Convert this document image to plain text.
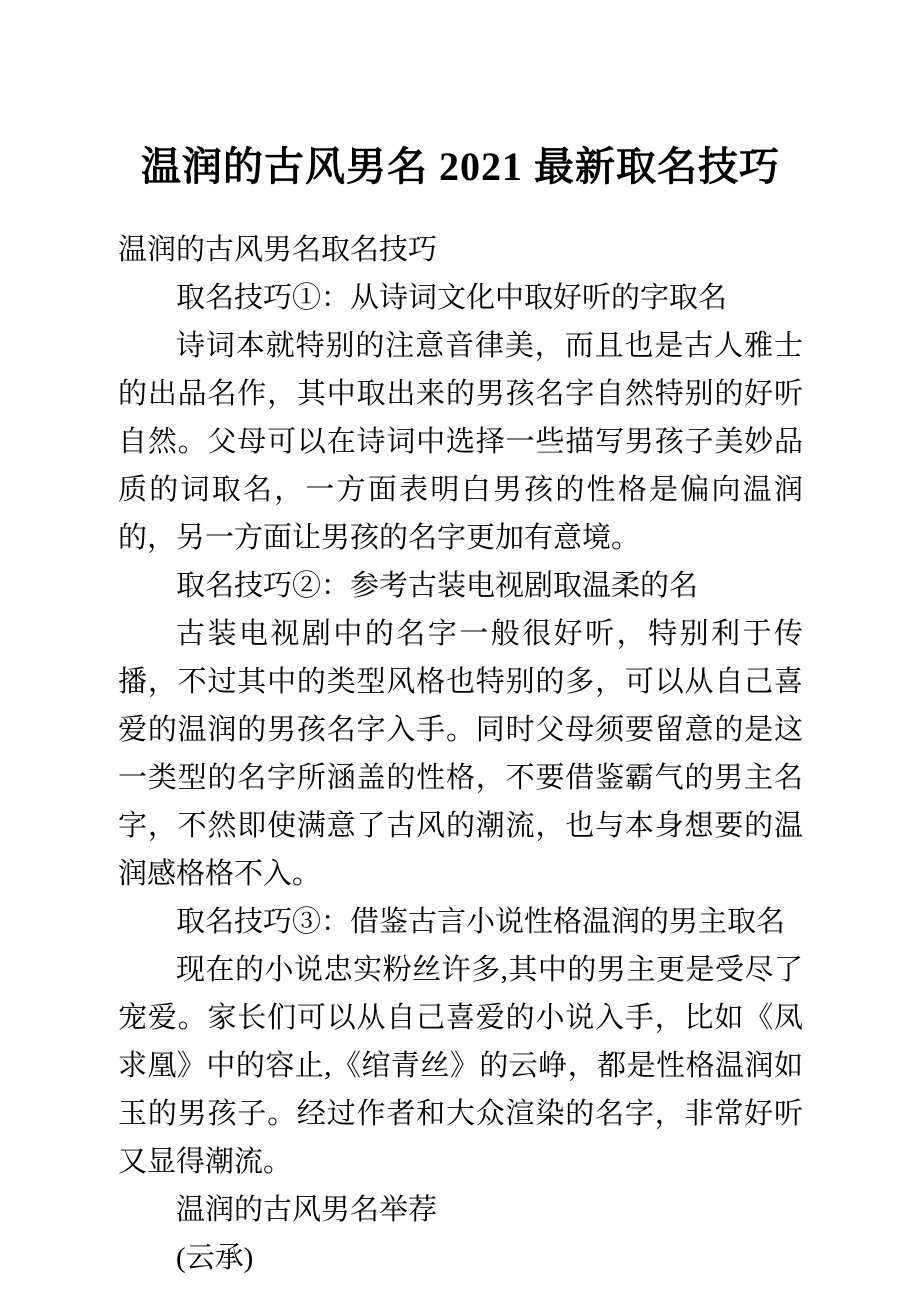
温润的古风男名 2021 最新取名技巧

温润的古风男名取名技巧

取名技巧①：从诗词文化中取好听的字取名

诗词本就特别的注意音律美，而且也是古人雅士的出品名作，其中取出来的男孩名字自然特别的好听自然。父母可以在诗词中选择一些描写男孩子美妙品质的词取名，一方面表明白男孩的性格是偏向温润的，另一方面让男孩的名字更加有意境。

取名技巧②：参考古装电视剧取温柔的名

古装电视剧中的名字一般很好听，特别利于传播，不过其中的类型风格也特别的多，可以从自己喜爱的温润的男孩名字入手。同时父母须要留意的是这一类型的名字所涵盖的性格，不要借鉴霸气的男主名字，不然即使满意了古风的潮流，也与本身想要的温润感格格不入。

取名技巧③：借鉴古言小说性格温润的男主取名

现在的小说忠实粉丝许多,其中的男主更是受尽了宠爱。家长们可以从自己喜爱的小说入手，比如《凤求凰》中的容止,《绾青丝》的云峥，都是性格温润如玉的男孩子。经过作者和大众渲染的名字，非常好听又显得潮流。

温润的古风男名举荐

(云承)
